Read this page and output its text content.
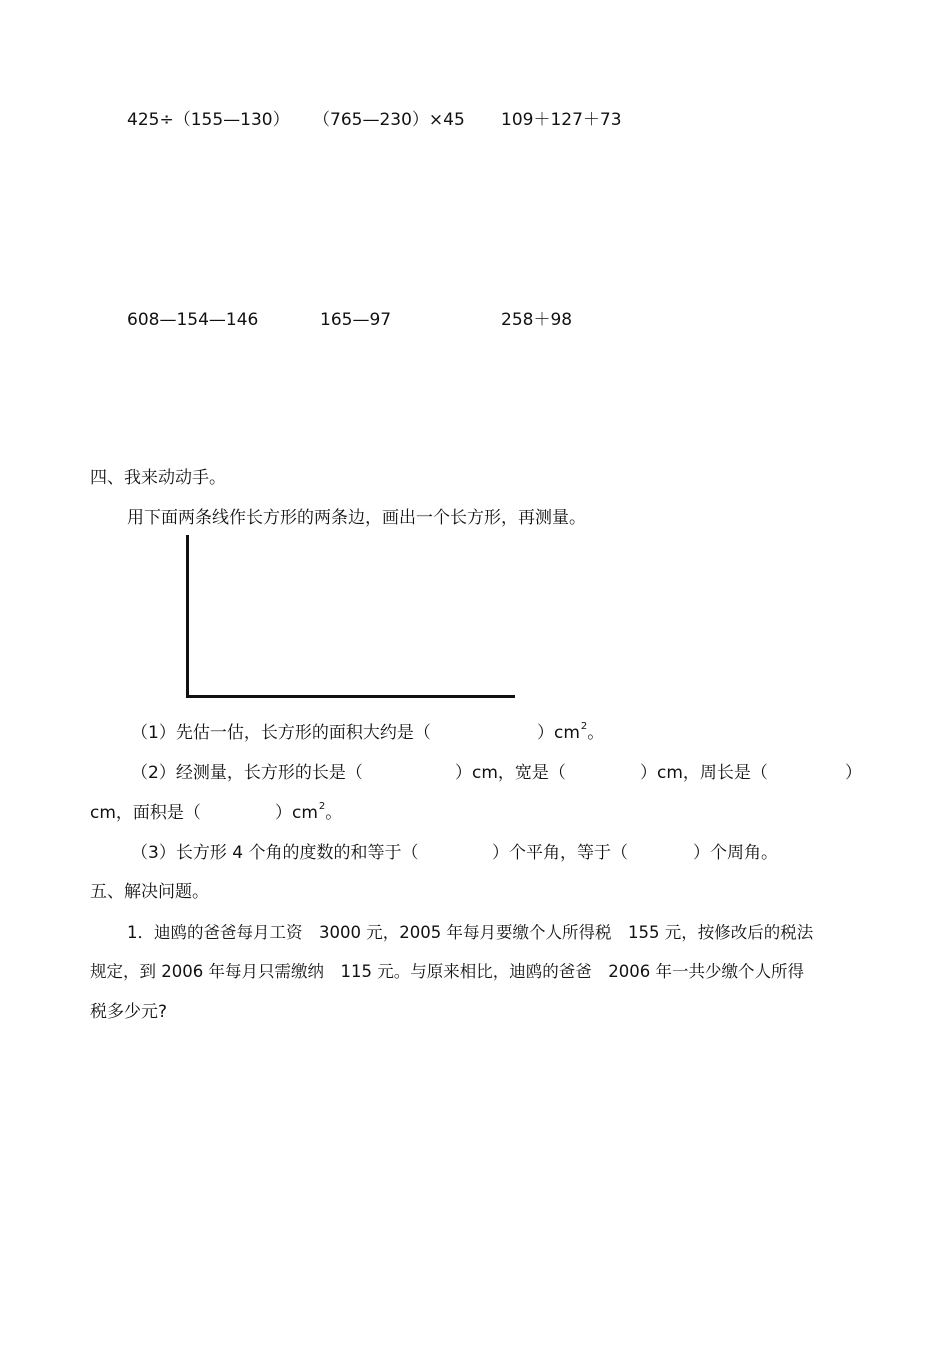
425÷（155—130） （765—230）×45 109＋127＋73
608—154—146	165—97	258＋98
四、我来动动手。
用下面两条线作长方形的两条边，画出一个长方形，再测量。
（1）先估一估，长方形的面积大约是（	）$cm^2$。
（2）经测量，长方形的长是（	）cm，宽是（	）cm，周长是（	）
cm，面积是（	）$cm^2$。
（3）长方形 4 个角的度数的和等于（	）个平角，等于（	）个周角。
五、解决问题。
1．迪鸥的爸爸每月工资　3000 元，2005 年每月要缴个人所得税　155 元，按修改后的税法
规定，到 2006 年每月只需缴纳　115 元。与原来相比，迪鸥的爸爸　2006 年一共少缴个人所得
税多少元?
